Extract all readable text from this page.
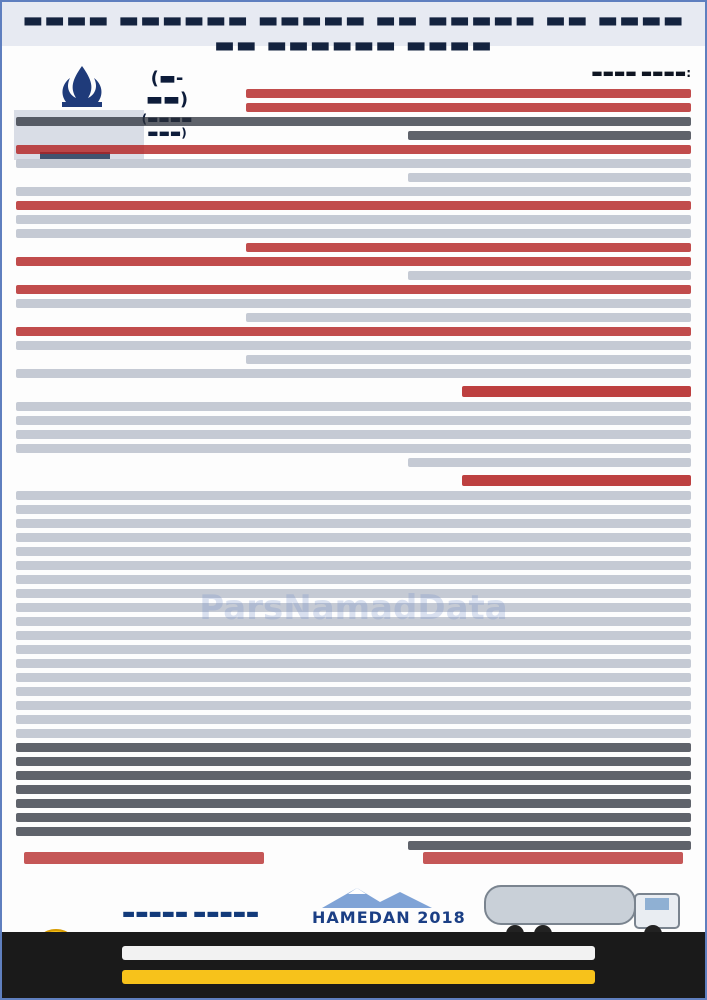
▬▬▬▬ ▬▬▬▬▬▬ ▬▬▬▬▬ ▬▬ ▬▬▬▬▬ ▬▬ ▬▬▬▬ ▬▬ ▬▬▬▬▬▬ ▬▬▬▬
(▬-▬▬)
▬▬▬)
▬▬▬▬ ▬▬▬▬:
ParsNamadData
▬▬▬▬▬ ▬▬▬▬▬	HAMEDAN 2018
